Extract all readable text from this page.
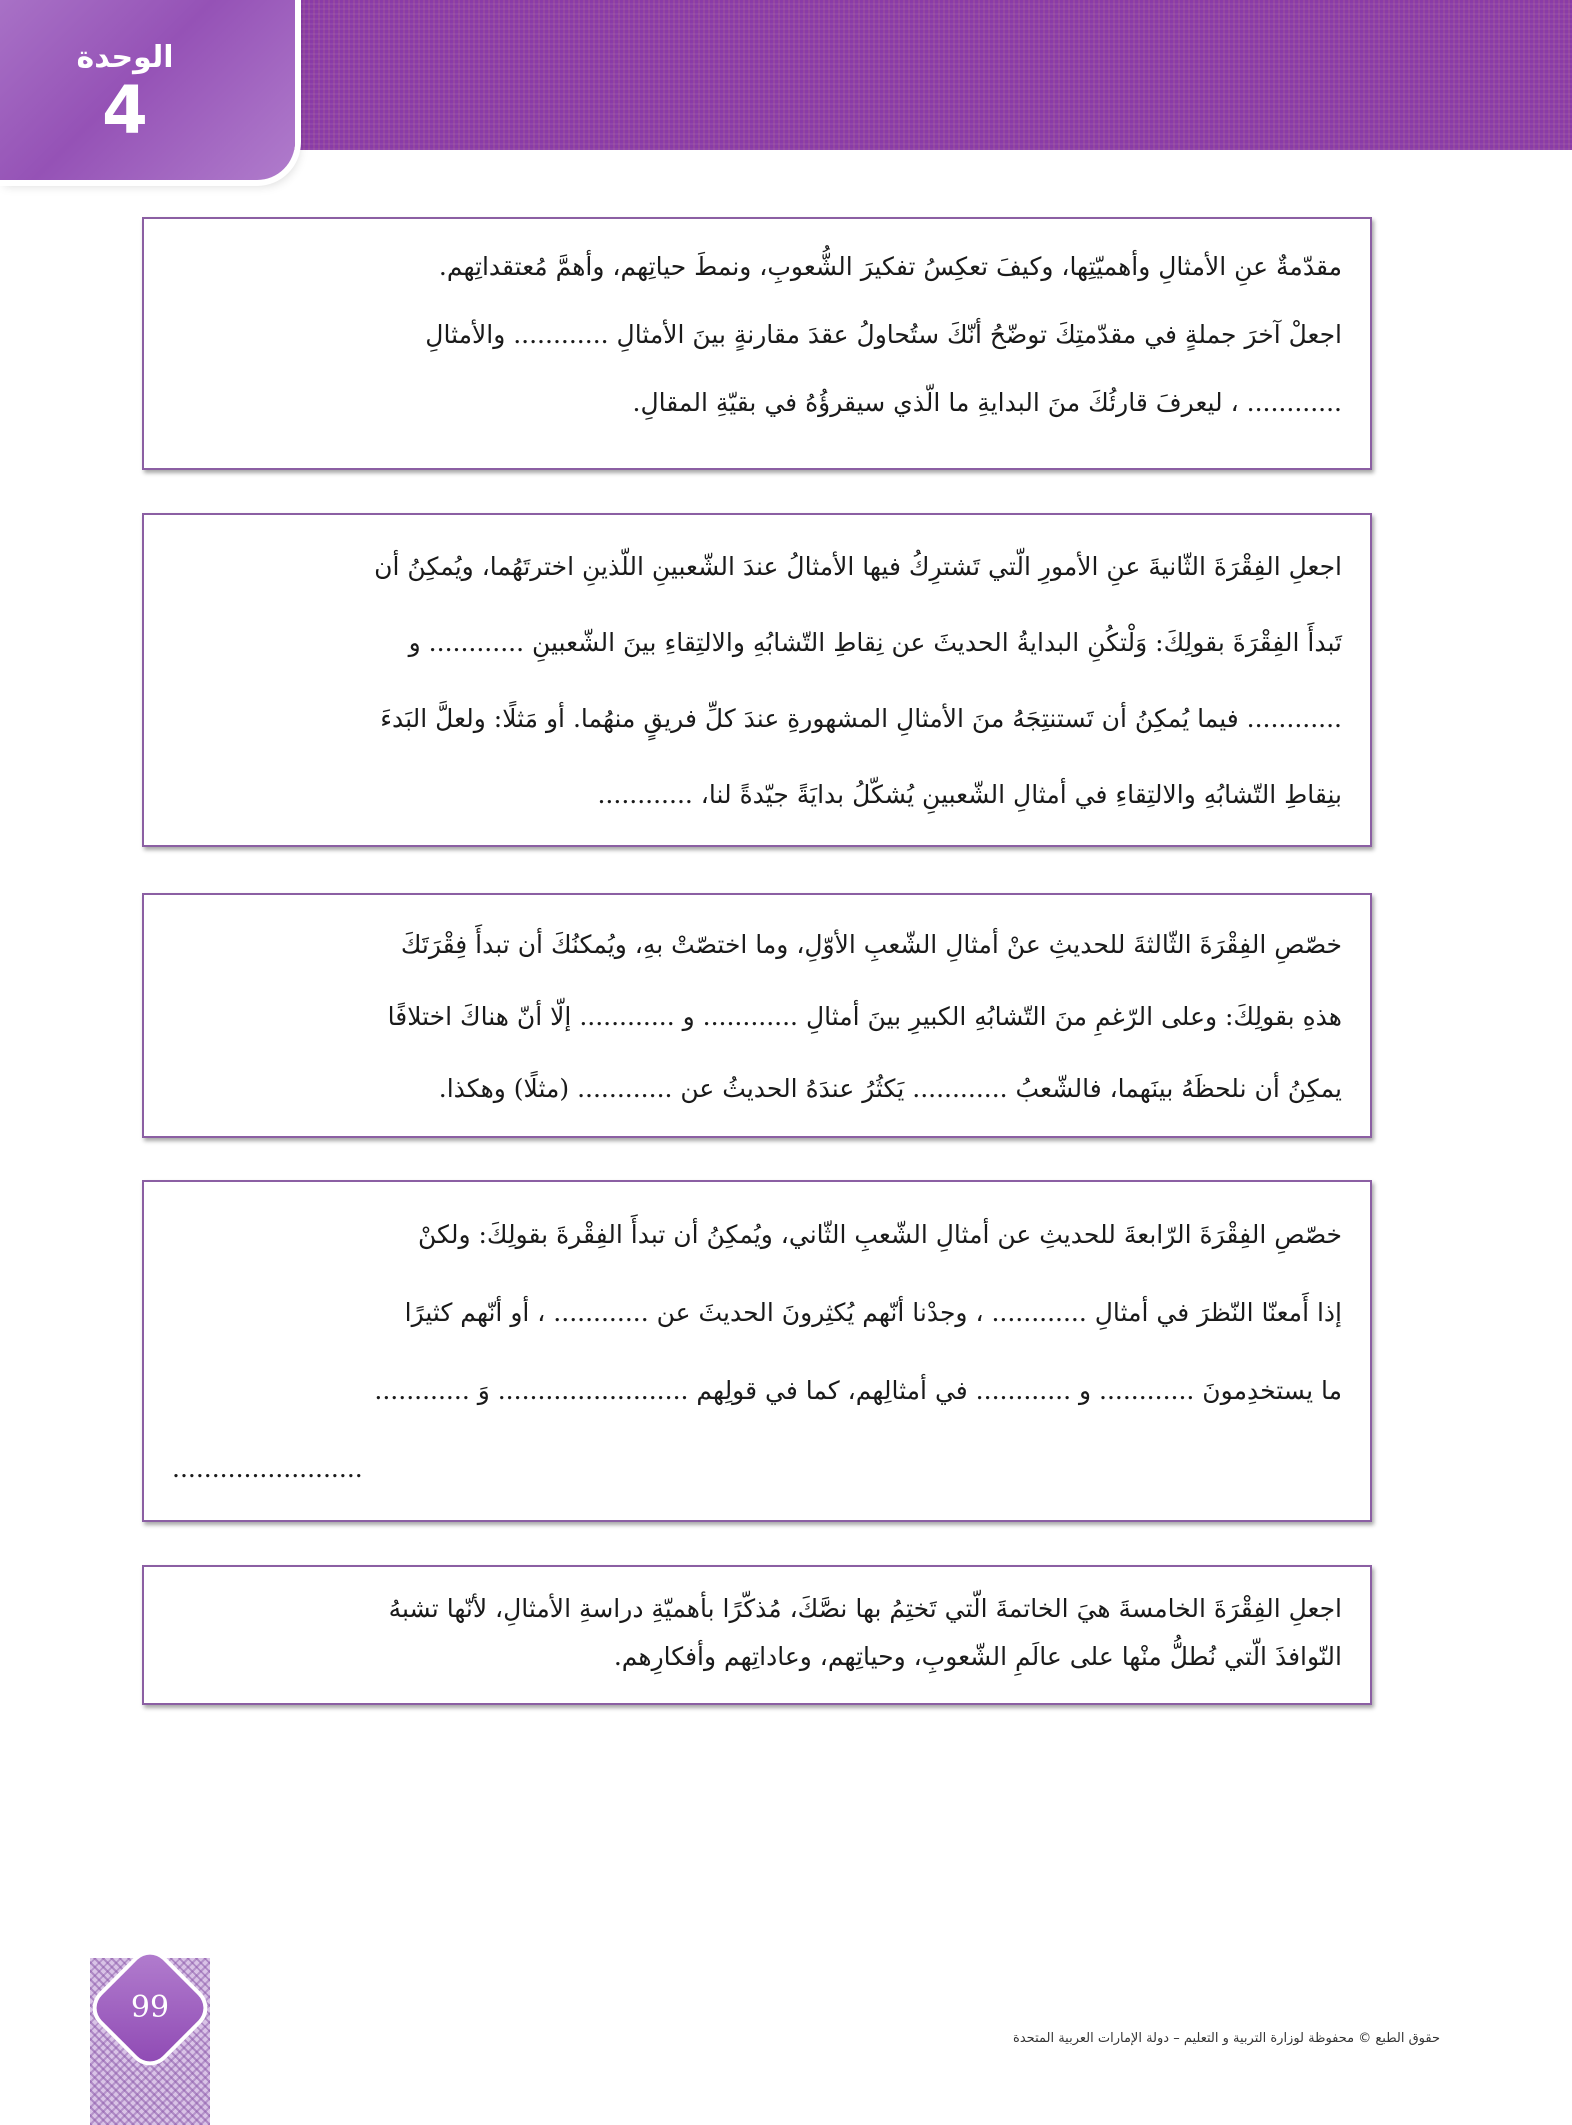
الوحدة
4

مقدّمةٌ عنِ الأمثالِ وأهميّتِها، وكيفَ تعكِسُ تفكيرَ الشُّعوبِ، ونمطَ حياتِهم، وأهمَّ مُعتقداتِهم.

اجعلْ آخرَ جملةٍ في مقدّمتِكَ توضّحُ أنّكَ ستُحاولُ عقدَ مقارنةٍ بينَ الأمثالِ ............ والأمثالِ

............ ، ليعرفَ قارئُكَ منَ البدايةِ ما الّذي سيقرؤُهُ في بقيّةِ المقالِ.

اجعلِ الفِقْرَةَ الثّانيةَ عنِ الأمورِ الّتي تَشترِكُ فيها الأمثالُ عندَ الشّعبينِ اللّذينِ اخترتَهُما، ويُمكِنُ أن

تَبدأَ الفِقْرَةَ بقولِكَ: وَلْتكُنِ البدايةُ الحديثَ عن نِقاطِ التّشابُهِ والالتِقاءِ بينَ الشّعبينِ ............ و

............ فيما يُمكِنُ أن تَستنتِجَهُ منَ الأمثالِ المشهورةِ عندَ كلِّ فريقٍ منهُما. أو مَثلًا: ولعلَّ البَدءَ

بنِقاطِ التّشابُهِ والالتِقاءِ في أمثالِ الشّعبينِ يُشكّلُ بدايَةً جيّدةً لنا، ............

خصّصِ الفِقْرَةَ الثّالثةَ للحديثِ عنْ أمثالِ الشّعبِ الأوّلِ، وما اختصّتْ بهِ، ويُمكنُكَ أن تبدأَ فِقْرَتَكَ

هذهِ بقولِكَ: وعلى الرّغمِ منَ التّشابُهِ الكبيرِ بينَ أمثالِ ............ و ............ إلّا أنّ هناكَ اختلافًا

يمكِنُ أن نلحظَهُ بينَهما، فالشّعبُ ............ يَكثُرُ عندَهُ الحديثُ عن ............ (مثلًا) وهكذا.

خصّصِ الفِقْرَةَ الرّابعةَ للحديثِ عن أمثالِ الشّعبِ الثّاني، ويُمكِنُ أن تبدأَ الفِقْرةَ بقولِكَ: ولكنْ

إذا أَمعنّا النّظرَ في أمثالِ ............ ، وجدْنا أنّهم يُكثِرونَ الحديثَ عن ............ ، أو أنّهم كثيرًا

ما يستخدِمونَ ............ و ............ في أمثالِهم، كما في قولِهم ........................ وَ ............

........................

اجعلِ الفِقْرَةَ الخامسةَ هيَ الخاتمةَ الّتي تَختِمُ بها نصَّكَ، مُذكّرًا بأهميّةِ دراسةِ الأمثالِ، لأنّها تشبهُ

النّوافذَ الّتي نُطلُّ منْها على عالَمِ الشّعوبِ، وحياتِهم، وعاداتِهم وأفكارِهم.

99
حقوق الطبع © محفوظة لوزارة التربية و التعليم – دولة الإمارات العربية المتحدة
